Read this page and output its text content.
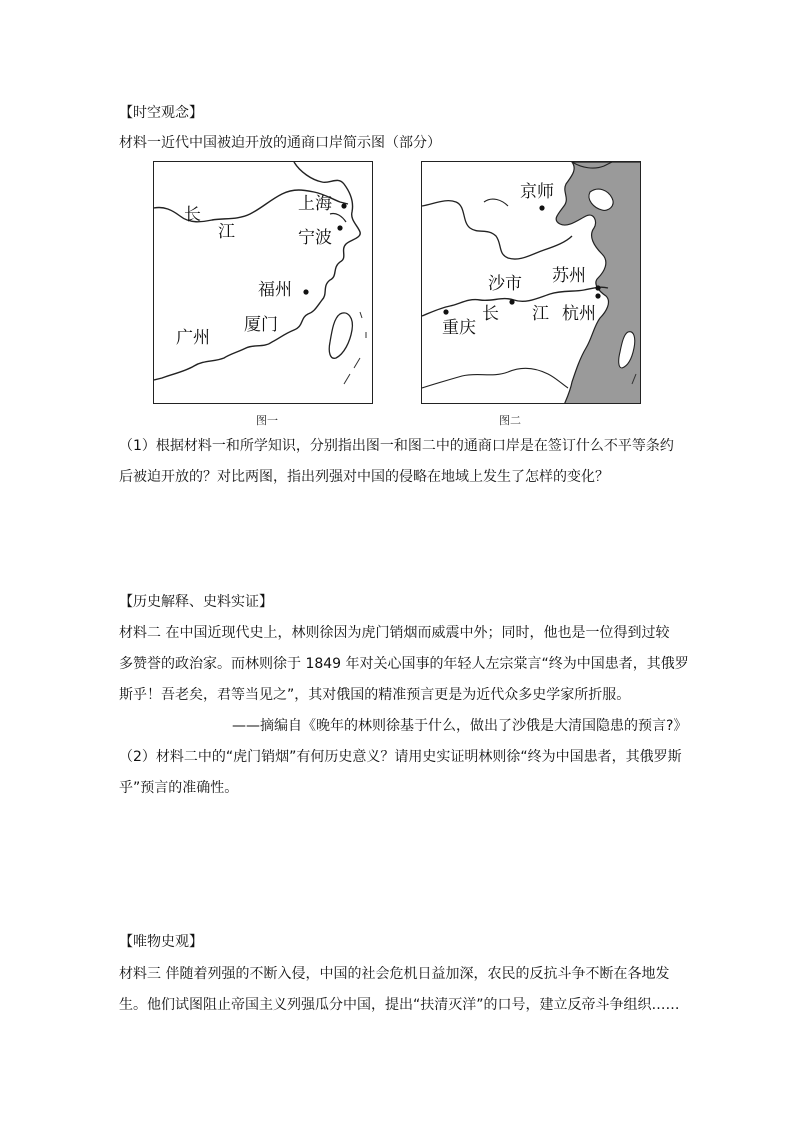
【时空观念】
材料一近代中国被迫开放的通商口岸简示图（部分）
长
江
上海
宁波
福州
厦门
广州
图一
京师
苏州
沙市
重庆
长 江 杭州
图二
（1）根据材料一和所学知识，分别指出图一和图二中的通商口岸是在签订什么不平等条约
后被迫开放的？对比两图，指出列强对中国的侵略在地域上发生了怎样的变化？
【历史解释、史料实证】
材料二 在中国近现代史上，林则徐因为虎门销烟而威震中外；同时，他也是一位得到过较
多赞誉的政治家。而林则徐于 1849 年对关心国事的年轻人左宗棠言“终为中国患者，其俄罗
斯乎！吾老矣，君等当见之”，其对俄国的精准预言更是为近代众多史学家所折服。
——摘编自《晚年的林则徐基于什么，做出了沙俄是大清国隐患的预言?》
（2）材料二中的“虎门销烟”有何历史意义？请用史实证明林则徐“终为中国患者，其俄罗斯
乎”预言的准确性。
【唯物史观】
材料三 伴随着列强的不断入侵，中国的社会危机日益加深，农民的反抗斗争不断在各地发
生。他们试图阻止帝国主义列强瓜分中国，提出“扶清灭洋”的口号，建立反帝斗争组织……
